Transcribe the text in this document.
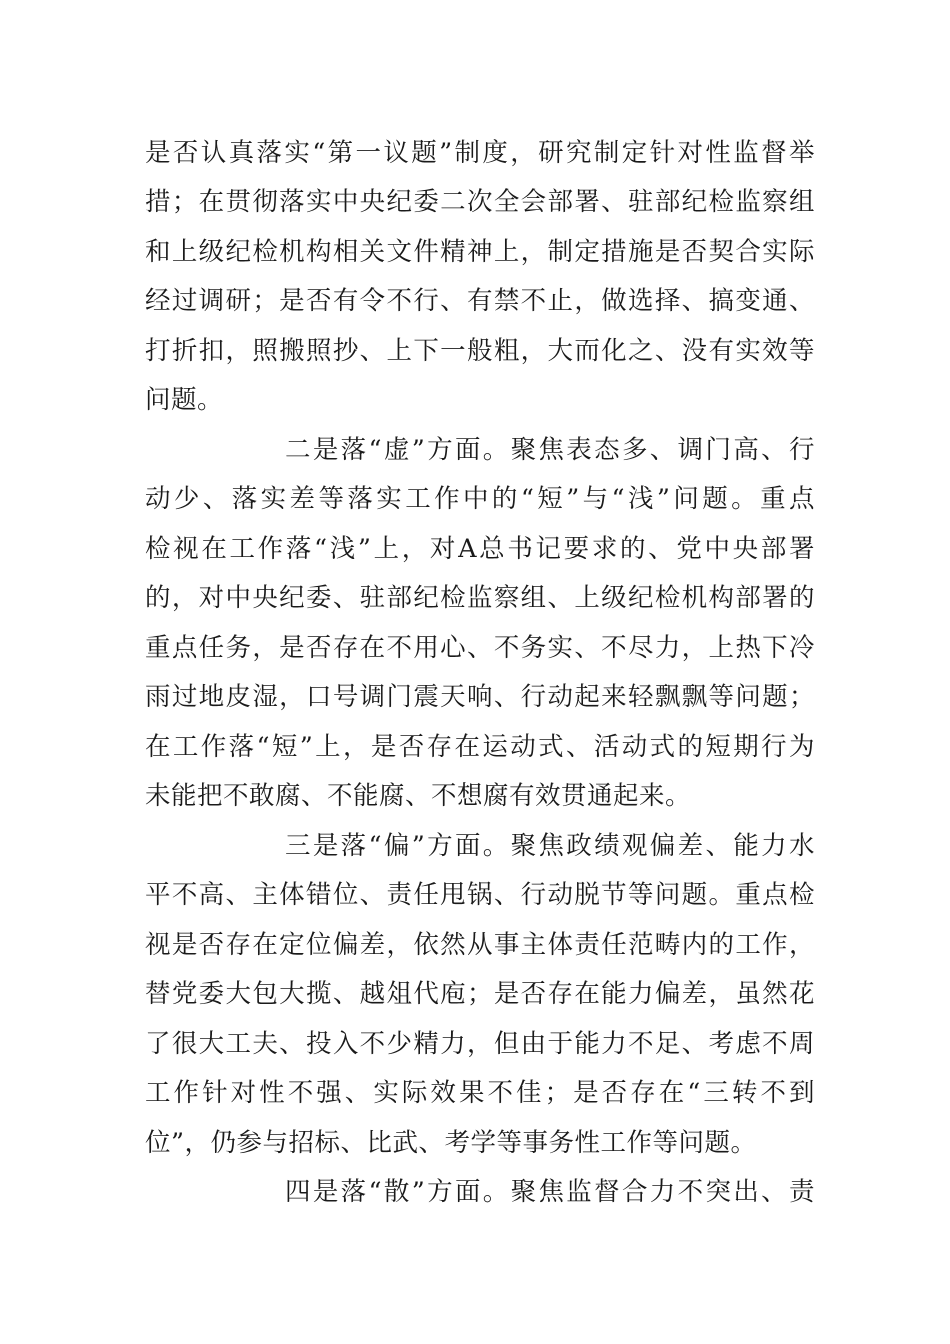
是否认真落实“第一议题”制度，研究制定针对性监督举
措；在贯彻落实中央纪委二次全会部署、驻部纪检监察组
和上级纪检机构相关文件精神上，制定措施是否契合实际
经过调研；是否有令不行、有禁不止，做选择、搞变通、
打折扣，照搬照抄、上下一般粗，大而化之、没有实效等
问题。
二是落“虚”方面。聚焦表态多、调门高、行
动少、落实差等落实工作中的“短”与“浅”问题。重点
检视在工作落“浅”上，对A总书记要求的、党中央部署
的，对中央纪委、驻部纪检监察组、上级纪检机构部署的
重点任务，是否存在不用心、不务实、不尽力，上热下冷
雨过地皮湿，口号调门震天响、行动起来轻飘飘等问题；
在工作落“短”上，是否存在运动式、活动式的短期行为
未能把不敢腐、不能腐、不想腐有效贯通起来。
三是落“偏”方面。聚焦政绩观偏差、能力水
平不高、主体错位、责任甩锅、行动脱节等问题。重点检
视是否存在定位偏差，依然从事主体责任范畴内的工作，
替党委大包大揽、越俎代庖；是否存在能力偏差，虽然花
了很大工夫、投入不少精力，但由于能力不足、考虑不周
工作针对性不强、实际效果不佳；是否存在“三转不到
位”，仍参与招标、比武、考学等事务性工作等问题。
四是落“散”方面。聚焦监督合力不突出、责
